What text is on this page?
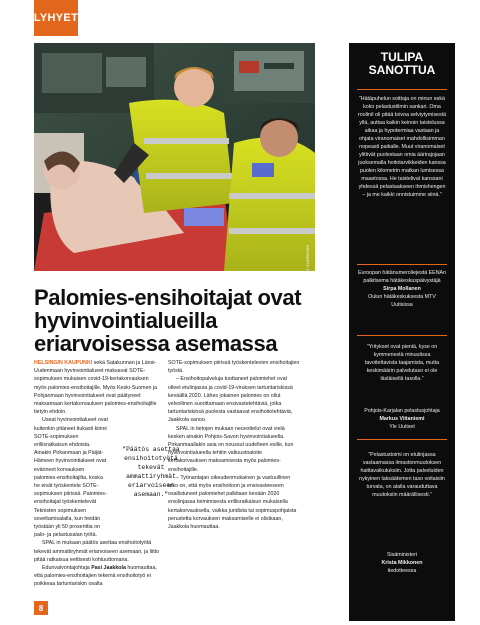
LYHYET
KUVA: SPAL / MIKKO VUORINEN
Palomies-ensihoitajat ovat hyvinvointialueilla eriarvoisessa asemassa

HELSINGIN KAUPUNKI sekä Satakunnan ja Länsi-Uudenmaan hyvinvointialueet maksavat SOTE-sopimuksen mukaisen covid-19-kertakorvauksen myös palomies-ensihoitajille. Myös Keski-Suomen ja Pohjanmaan hyvinvointialueet ovat päätyneet maksamaan kertakorvauksen palomies-ensihoitajille tietyin ehdoin.

Useat hyvinvointialueet ovat kuitenkin pitäneet tiukasti kiinni SOTE-sopimuksen erillisratkaisun ehdoista. Ainakin Pirkanmaan ja Päijät-Hämeen hyvinvointialueet ovat evänneet korvauksen palomies-ensihoitajilta, koska he eivät työskentele SOTE-sopimuksen piirissä. Palomies-ensihoitajat työskentelevät Teknisten sopimuksen soveltamisalalla, kun heidän työstään yli 50 prosenttia on palo- ja pelastusalan työtä.

SPAL in mukaan päätös asettaa ensihoitotyötä tekevät ammattiryhmät eriarvoiseen asemaan, ja liitto pitää ratkaisua eettisesti kohtuuttomana.

Edunvalvontajohtaja Pasi Jaakkola huomauttaa, että palomies-ensihoitajien tekemä ensihoitotyö ei poikkeaa tartuntariskin osalta

SOTE-sopimuksen piirissä työskentelevien ensihoitajien työstä.

– Ensihoitopalveluja tuottaneet palomiehet ovat olleet etulinjassa ja covid-19-viruksen tartuntariskissä keväällä 2020. Lähes jokainen palomies on ollut velvollinen suorittamaan ensivastetehtäviä, jotka tartuntariskinsä puolesta vastaavat ensihoitotehtäviä, Jaakkola sanoo.

SPAL in tietojen mukaan neuvottelut ovat vielä kesken ainakin Pohjois-Savon hyvinvointialueella. Pirkanmaallakin asia on noussut uudelleen esille, kun hyvinvointialueella tehtiin valtuustoaloite kertakorvauksen maksamisesta myös palomies-ensihoitajille.

– Työnantajan oikeudenmukainen ja vastuullinen teko on, että myös ensihoitoon ja ensivasteeseen osallistuneet palomiehet palkitaan kevään 2020 ensilinjassa toimimisesta erillisratkaisun mukaisella kertakorvauksella, vaikka juridista tai sopimuspohjaista perustetta korvauksen maksamiselle ei olisikaan, Jaakkola huomauttaa.

”Päätös asettaa ensihoitotyötä tekevät ammattiryhmät eriarvoiseen asemaan.”
8
TULIPA SANOTTUA
”Hätäpuhelun soittaja on minun sekä koko pelastustilmin sankari. Oma rooliniI oli pitää toivoa selviytymisestä yllä, auttaa kaikin keinoin taistelussa aikaa ja hypotermiaa vastaan ja ohjata viranomaiset mahdollisimman nopeasti paikalle. Muut viranomaiset ylittivät puolestaan omia äärirajojaan juoksemalla hoitotarvikkeiden kanssa puolen kilometrin matkan lumisessa maastossa. He taistelivat kanssani yhdessä pelastaakseen ihmishengen – ja me kaikki onnistuimme siinä.”
Euroopan hätänumeroliejestä EENAn palkitsema hätäkeskuspäivystäjä
Sirpa Mollanen
Oulun hätäkeskuksesta MTV Uutisissa
”Yritykset ovat pieniä, kyse on kymmenestä minuutissa tavoitettavista taajamista, mutta keskimäärin palvelutaso ei ole läsläisellä tasolla.”
Pohjois-Karjalan pelastusjohtaja
Markus Viitaniemi
Yle Uutiset
”Pelastustoimi on etulinjassa vastaamassa ilmastonmuutoksen haittavaikutuksiin. Jotta palveluiden nykyinen laksäätemen taso voitaisiin turvata, on alalla varauduttava muutoksiin määrällisesti.”
Sisäministeri
Krista Mikkonen
tiedotteessa
